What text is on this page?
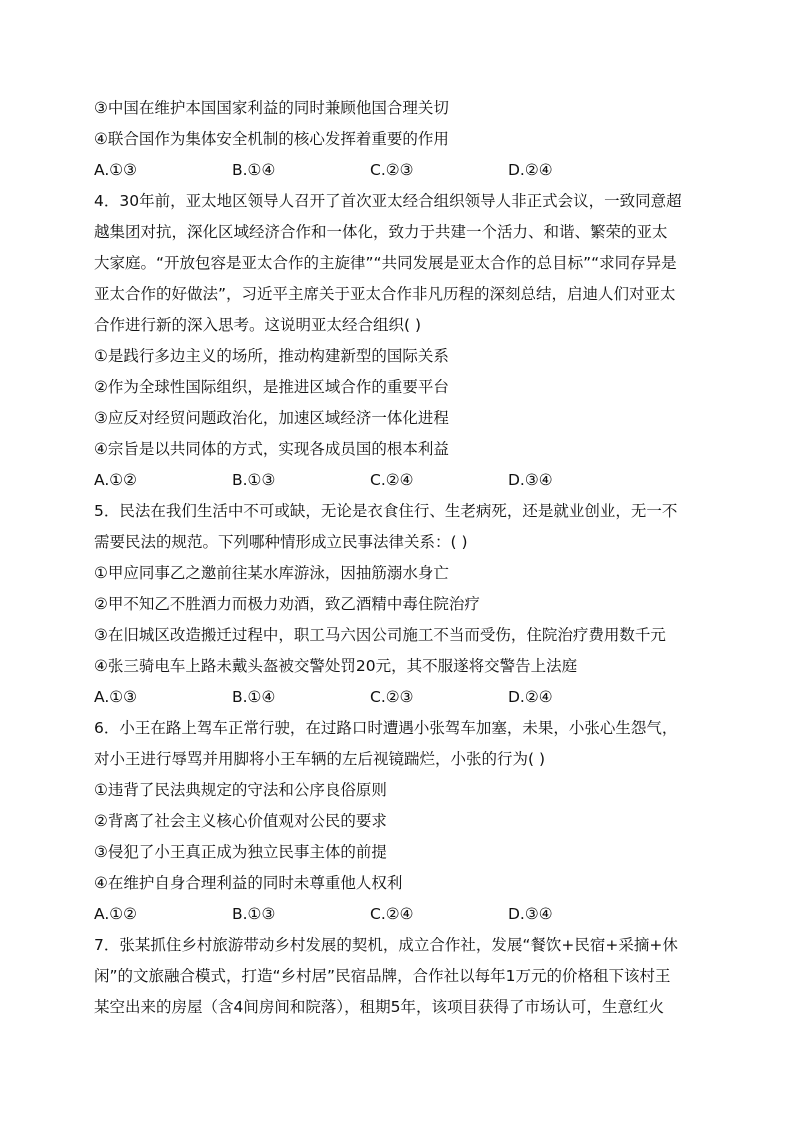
③中国在维护本国国家利益的同时兼顾他国合理关切
④联合国作为集体安全机制的核心发挥着重要的作用
A.①③	B.①④	C.②③	D.②④
4．30年前，亚太地区领导人召开了首次亚太经合组织领导人非正式会议，一致同意超
越集团对抗，深化区域经济合作和一体化，致力于共建一个活力、和谐、繁荣的亚太
大家庭。“开放包容是亚太合作的主旋律”“共同发展是亚太合作的总目标”“求同存异是
亚太合作的好做法”，习近平主席关于亚太合作非凡历程的深刻总结，启迪人们对亚太
合作进行新的深入思考。这说明亚太经合组织( )
①是践行多边主义的场所，推动构建新型的国际关系
②作为全球性国际组织，是推进区域合作的重要平台
③应反对经贸问题政治化，加速区域经济一体化进程
④宗旨是以共同体的方式，实现各成员国的根本利益
A.①②	B.①③	C.②④	D.③④
5．民法在我们生活中不可或缺，无论是衣食住行、生老病死，还是就业创业，无一不
需要民法的规范。下列哪种情形成立民事法律关系：( )
①甲应同事乙之邀前往某水库游泳，因抽筋溺水身亡
②甲不知乙不胜酒力而极力劝酒，致乙酒精中毒住院治疗
③在旧城区改造搬迁过程中，职工马六因公司施工不当而受伤，住院治疗费用数千元
④张三骑电车上路未戴头盔被交警处罚20元，其不服遂将交警告上法庭
A.①③	B.①④	C.②③	D.②④
6．小王在路上驾车正常行驶，在过路口时遭遇小张驾车加塞，未果，小张心生怨气，
对小王进行辱骂并用脚将小王车辆的左后视镜踹烂，小张的行为( )
①违背了民法典规定的守法和公序良俗原则
②背离了社会主义核心价值观对公民的要求
③侵犯了小王真正成为独立民事主体的前提
④在维护自身合理利益的同时未尊重他人权利
A.①②	B.①③	C.②④	D.③④
7．张某抓住乡村旅游带动乡村发展的契机，成立合作社，发展“餐饮+民宿+采摘+休
闲”的文旅融合模式，打造“乡村居”民宿品牌，合作社以每年1万元的价格租下该村王
某空出来的房屋（含4间房间和院落），租期5年，该项目获得了市场认可，生意红火
